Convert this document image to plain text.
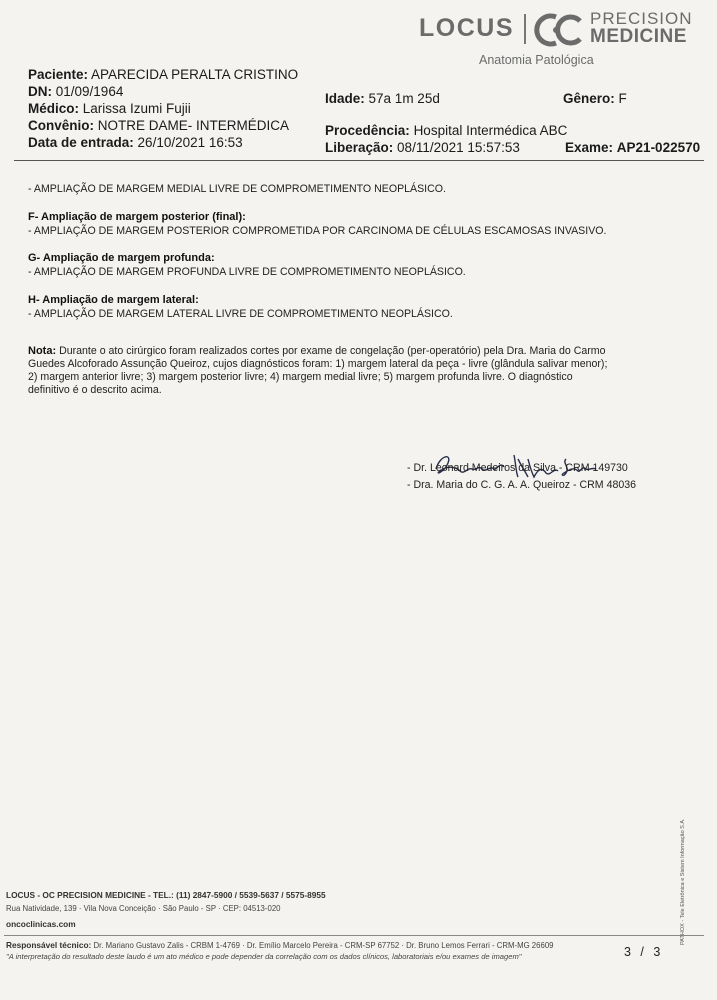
LOCUS	PRECISION
MEDICINE
Anatomia Patológica
Paciente: APARECIDA PERALTA CRISTINO
DN: 01/09/1964
Médico: Larissa Izumi Fujii
Convênio: NOTRE DAME- INTERMÉDICA
Data de entrada: 26/10/2021 16:53
Idade: 57a 1m 25d	Gênero: F
Procedência: Hospital Intermédica ABC
Liberação: 08/11/2021 15:57:53	Exame: AP21-022570
- AMPLIAÇÃO DE MARGEM MEDIAL LIVRE DE COMPROMETIMENTO NEOPLÁSICO.
F- Ampliação de margem posterior (final):
- AMPLIAÇÃO DE MARGEM POSTERIOR COMPROMETIDA POR CARCINOMA DE CÉLULAS ESCAMOSAS INVASIVO.
G- Ampliação de margem profunda:
- AMPLIAÇÃO DE MARGEM PROFUNDA LIVRE DE COMPROMETIMENTO NEOPLÁSICO.
H- Ampliação de margem lateral:
- AMPLIAÇÃO DE MARGEM LATERAL LIVRE DE COMPROMETIMENTO NEOPLÁSICO.
Nota: Durante o ato cirúrgico foram realizados cortes por exame de congelação (per-operatório) pela Dra. Maria do Carmo
Guedes Alcoforado Assunção Queiroz, cujos diagnósticos foram: 1) margem lateral da peça - livre (glândula salivar menor);
2) margem anterior livre; 3) margem posterior livre; 4) margem medial livre; 5) margem profunda livre. O diagnóstico
definitivo é o descrito acima.
- Dr. Leonard Medeiros da Silva - CRM 149730
- Dra. Maria do C. G. A. A. Queiroz - CRM 48036
PATHOX - Tele Eletrônica e Sistem Informação S.A.
LOCUS - OC PRECISION MEDICINE - TEL.: (11) 2847-5900 / 5539-5637 / 5575-8955
Rua Natividade, 139 · Vila Nova Conceição · São Paulo - SP · CEP: 04513-020
oncoclinicas.com
Responsável técnico: Dr. Mariano Gustavo Zalis - CRBM 1-4769 · Dr. Emílio Marcelo Pereira - CRM-SP 67752 · Dr. Bruno Lemos Ferrari - CRM-MG 26609
"A interpretação do resultado deste laudo é um ato médico e pode depender da correlação com os dados clínicos, laboratoriais e/ou exames de imagem"	3 / 3
